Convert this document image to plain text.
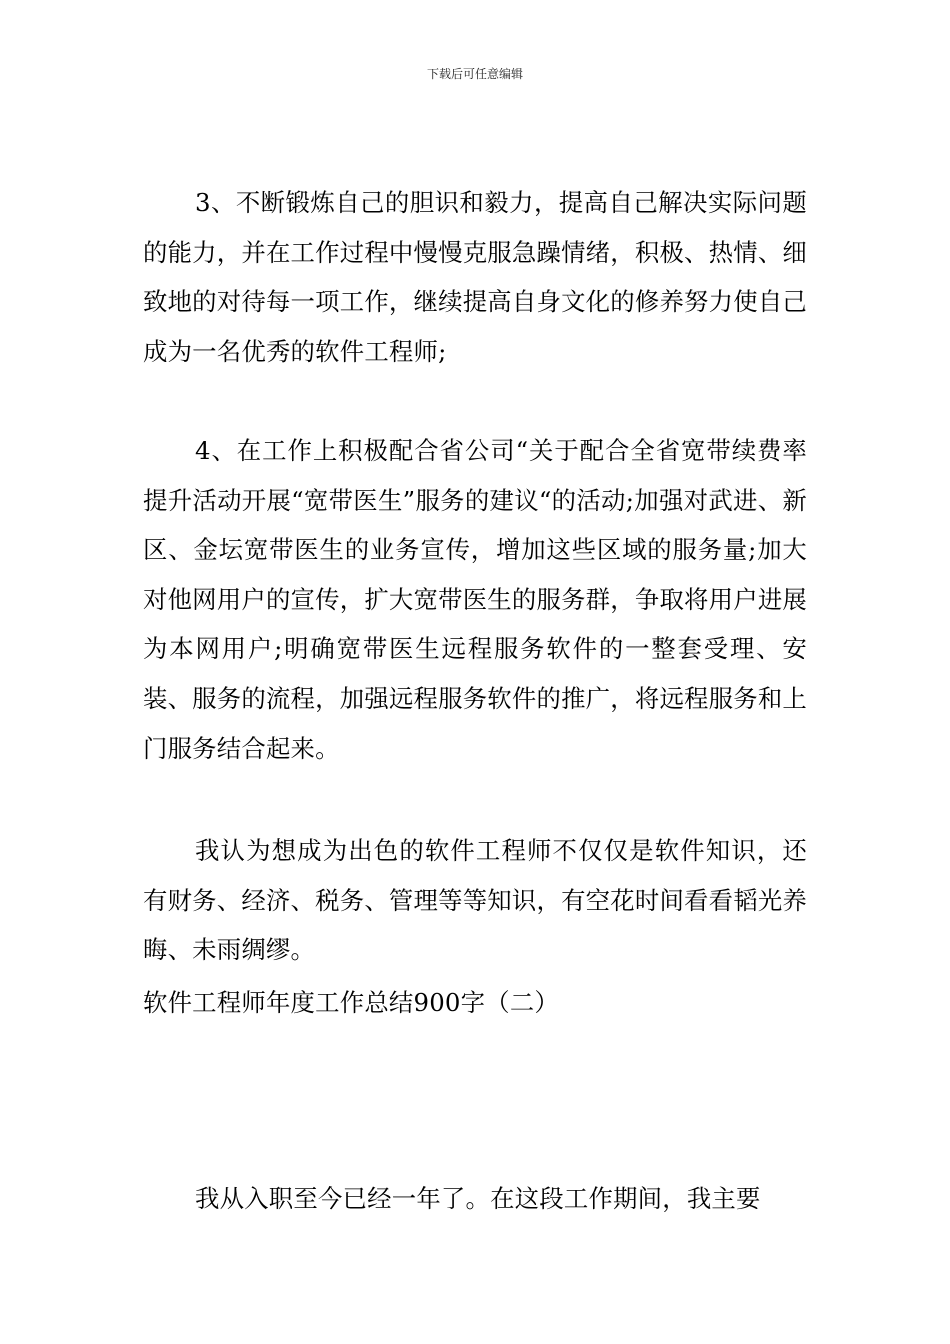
下载后可任意编辑

3、不断锻炼自己的胆识和毅力，提高自己解决实际问题的能力，并在工作过程中慢慢克服急躁情绪，积极、热情、细致地的对待每一项工作，继续提高自身文化的修养努力使自己成为一名优秀的软件工程师;

4、在工作上积极配合省公司“关于配合全省宽带续费率提升活动开展“宽带医生”服务的建议“的活动;加强对武进、新区、金坛宽带医生的业务宣传，增加这些区域的服务量;加大对他网用户的宣传，扩大宽带医生的服务群，争取将用户进展为本网用户;明确宽带医生远程服务软件的一整套受理、安装、服务的流程，加强远程服务软件的推广，将远程服务和上门服务结合起来。

我认为想成为出色的软件工程师不仅仅是软件知识，还有财务、经济、税务、管理等等知识，有空花时间看看韬光养晦、未雨绸缪。

软件工程师年度工作总结900字（二）

我从入职至今已经一年了。在这段工作期间，我主要
